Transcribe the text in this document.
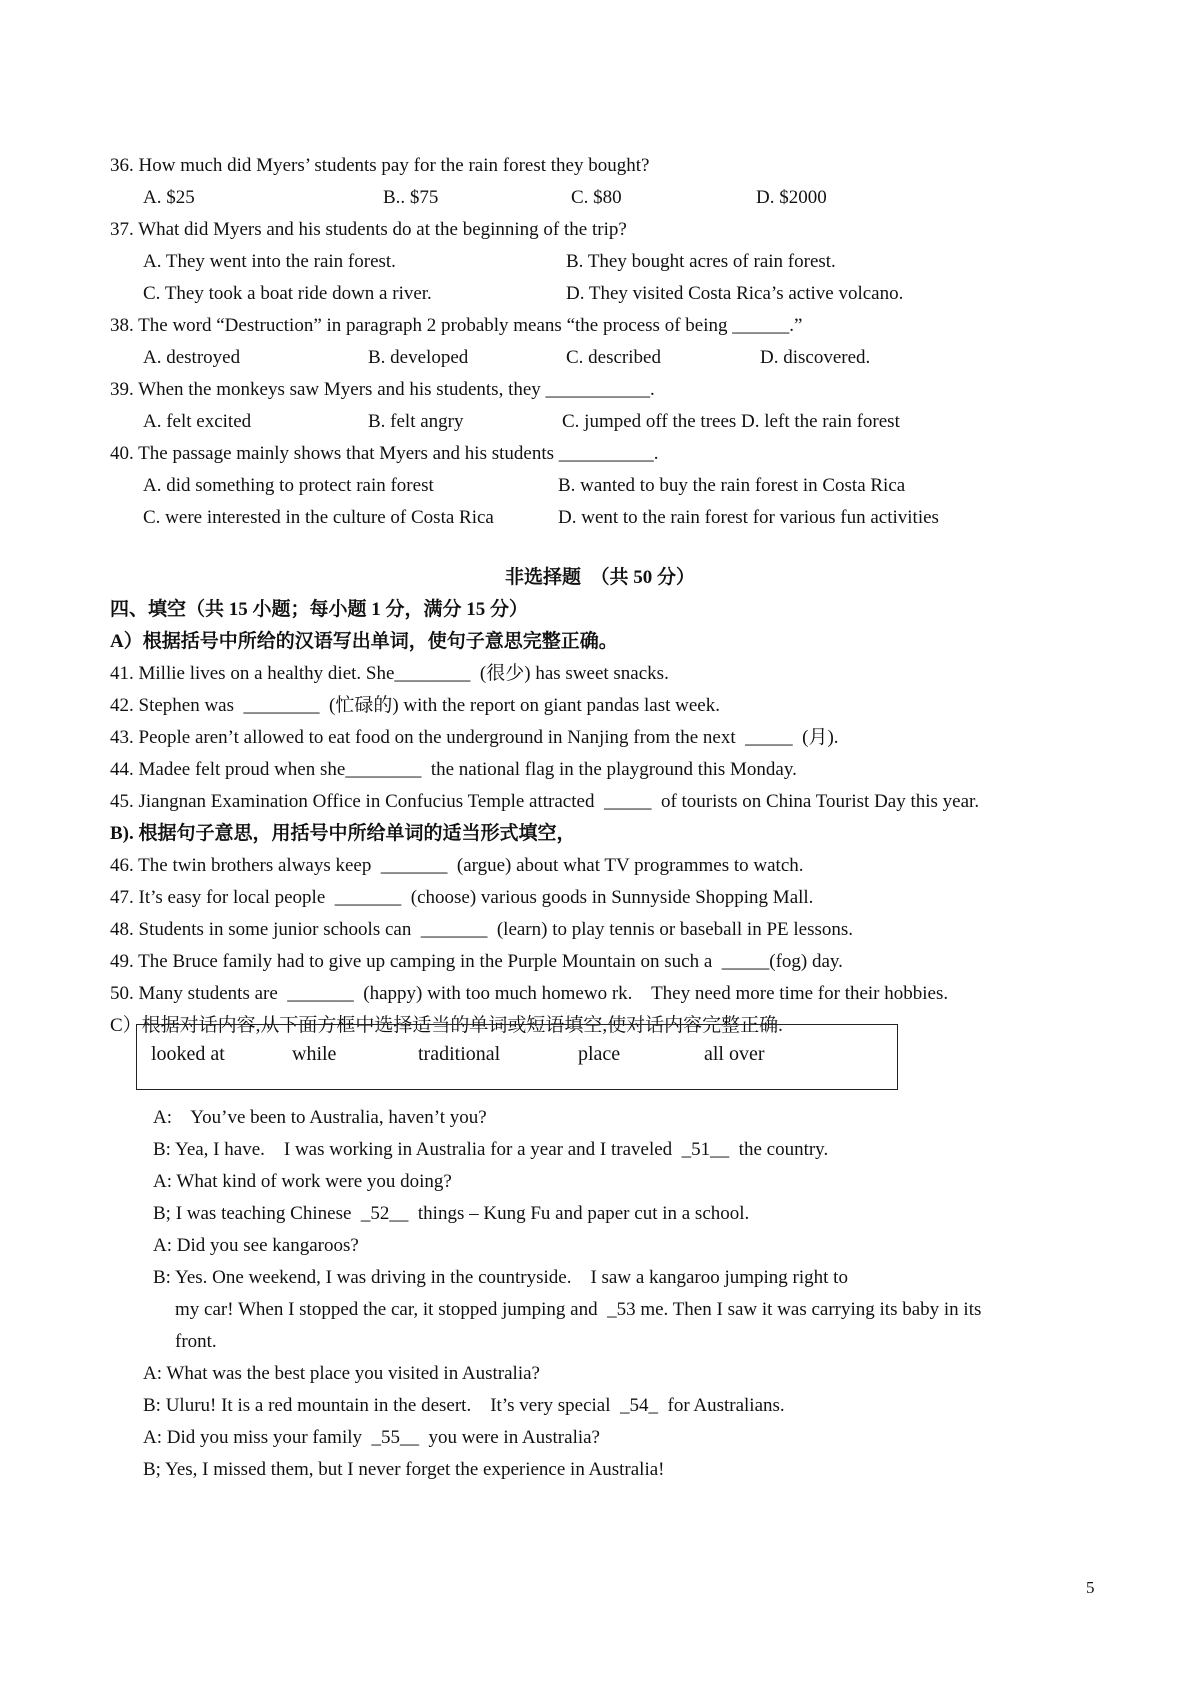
36. How much did Myers’ students pay for the rain forest they bought?
A. $25	B.. $75	C. $80	D. $2000
37. What did Myers and his students do at the beginning of the trip?
A. They went into the rain forest.	B. They bought acres of rain forest.
C. They took a boat ride down a river.	D. They visited Costa Rica’s active volcano.
38. The word “Destruction” in paragraph 2 probably means “the process of being ______.”
A. destroyed	B. developed	C. described	D. discovered.
39. When the monkeys saw Myers and his students, they ___________.
A. felt excited	B. felt angry	C. jumped off the trees D. left the rain forest
40. The passage mainly shows that Myers and his students __________.
A. did something to protect rain forest	B. wanted to buy the rain forest in Costa Rica
C. were interested in the culture of Costa Rica	D. went to the rain forest for various fun activities
非选择题　（共 50 分）
四、填空（共 15 小题；每小题 1 分，满分 15 分）
A）根据括号中所给的汉语写出单词，使句子意思完整正确。
41. Millie lives on a healthy diet. She________  (很少) has sweet snacks.
42. Stephen was  ________  (忙碌的) with the report on giant pandas last week.
43. People aren’t allowed to eat food on the underground in Nanjing from the next  _____  (月).
44. Madee felt proud when she________  the national flag in the playground this Monday.
45. Jiangnan Examination Office in Confucius Temple attracted  _____  of tourists on China Tourist Day this year.
B). 根据句子意思，用括号中所给单词的适当形式填空，
46. The twin brothers always keep  _______  (argue) about what TV programmes to watch.
47. It’s easy for local people  _______  (choose) various goods in Sunnyside Shopping Mall.
48. Students in some junior schools can  _______  (learn) to play tennis or baseball in PE lessons.
49. The Bruce family had to give up camping in the Purple Mountain on such a  _____(fog) day.
50. Many students are  _______  (happy) with too much homewo rk.    They need more time for their hobbies.
C）根据对话内容,从下面方框中选择适当的单词或短语填空,使对话内容完整正确.
looked at	while	traditional	place	all over
A:    You’ve been to Australia, haven’t you?
B: Yea, I have.    I was working in Australia for a year and I traveled  _51__  the country.
A: What kind of work were you doing?
B; I was teaching Chinese  _52__  things – Kung Fu and paper cut in a school.
A: Did you see kangaroos?
B: Yes. One weekend, I was driving in the countryside.    I saw a kangaroo jumping right to
my car! When I stopped the car, it stopped jumping and  _53 me. Then I saw it was carrying its baby in its
front.
A: What was the best place you visited in Australia?
B: Uluru! It is a red mountain in the desert.    It’s very special  _54_  for Australians.
A: Did you miss your family  _55__  you were in Australia?
B; Yes, I missed them, but I never forget the experience in Australia!
5
